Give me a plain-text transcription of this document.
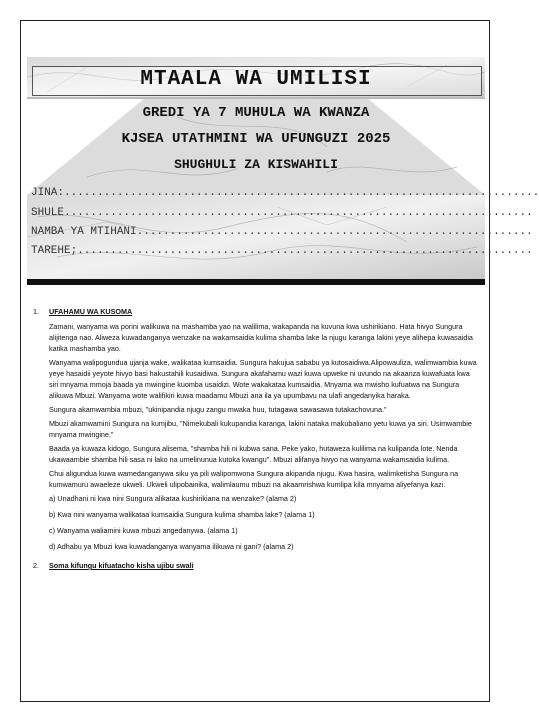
MTAALA WA UMILISI
GREDI YA 7 MUHULA WA KWANZA
KJSEA UTATHMINI WA UFUNGUZI 2025
SHUGHULI ZA KISWAHILI
JINA:........................................................................
SHULE.......................................................................
NAMBA YA MTIHANI............................................................
TAREHE;.....................................................................
1.	UFAHAMU WA KUSOMA

Zamani, wanyama wa porini walikuwa na mashamba yao na walilima, wakapanda na kuvuna kwa ushirikiano. Hata hivyo Sungura alijitenga nao. Aliweza kuwadanganya wenzake na wakamsaidia kulima shamba lake la njugu karanga lakini yeye alihepa kuwasaidia katika mashamba yao.

Wanyama walipogundua ujanja wake, walikataa kumsaidia. Sungura hakujua sababu ya kutosaidiwa.Alipowauliza, walimwambia kuwa yeye hasaidii yeyote hivyo basi hakustahili kusaidiwa. Sungura akafahamu wazi kuwa upweke ni uvundo na akaanza kuwafuata kwa siri mnyama mmoja baada ya mwingine kuomba usaidizi. Wote wakakataa kumsaidia. Mnyama wa mwisho kufuatwa na Sungura alikuwa Mbuzi. Wanyama wote walifikiri kuwa maadamu Mbuzi ana ila ya upumbavu na ulafi angedanyika haraka.

Sungura akamwambia mbuzi, "ukinipandia njugu zangu mwaka huu, tutagawa sawasawa tutakachovuna."

Mbuzi akamwamini Sungura na kumjibu, "Nimekubali kukupandia karanga, lakini nataka makubaliano yetu kuwa ya siri. Usimwambie mnyama mwingine."

Baada ya kuwaza kidogo, Sungura alisema, "shamba hili ni kubwa sana. Peke yako, hutaweza kulilima na kulipanda lote. Nenda ukawaambie shamba hili sasa ni lako na umelinunua kutoka kwangu". Mbuzi alifanya hivyo na wanyama wakamsaidia kulima.

Chui aligundua kuwa wamedanganywa siku ya pili walipomwona Sungura akipanda njugu. Kwa hasira, walimketisha Sungura na kumwamuru awaeleze ukweli. Ukweli ulipobainika, walimlaumu mbuzi na akaamrishwa kumlipa kila mnyama aliyefanya kazi.

a) Unadhani ni kwa nini Sungura alikataa kushirikiana na wenzake? (alama 2)
b) Kwa nini wanyama walikataa kumsaidia Sungura kulima shamba lake? (alama 1)
c) Wanyama waliamini kuwa mbuzi angedanywa. (alama 1)
d) Adhabu ya Mbuzi kwa kuwadanganya wanyama ilikuwa ni gani? (alama 2)
2.	Soma kifungu kifuatacho kisha ujibu swali
